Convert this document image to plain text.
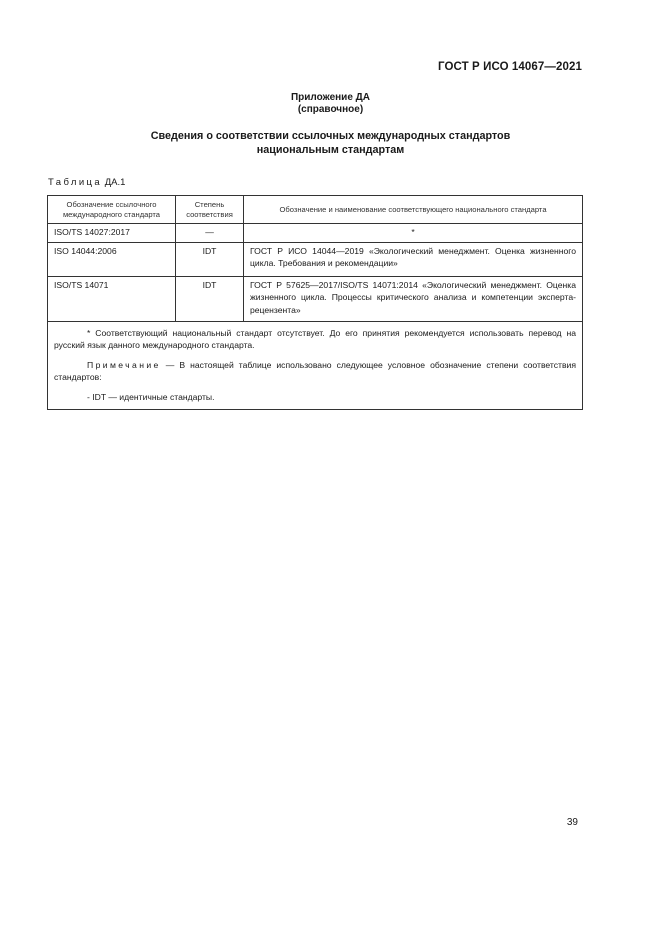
ГОСТ Р ИСО 14067—2021
Приложение ДА
(справочное)
Сведения о соответствии ссылочных международных стандартов
национальным стандартам
Таблица ДА.1
Обозначение ссылочного международного стандарта	Степень соответствия	Обозначение и наименование соответствующего национального стандарта
ISO/TS 14027:2017	—	*
ISO 14044:2006	IDT	ГОСТ Р ИСО 14044—2019 «Экологический менеджмент. Оценка жизненного цикла. Требования и рекомендации»
ISO/TS 14071	IDT	ГОСТ Р 57625—2017/ISO/TS 14071:2014 «Экологический менеджмент. Оценка жизненного цикла. Процессы критического анализа и компетенции эксперта-рецензента»

* Соответствующий национальный стандарт отсутствует. До его принятия рекомендуется использовать перевод на русский язык данного международного стандарта.

Примечание — В настоящей таблице использовано следующее условное обозначение степени соответствия стандартов:

- IDT — идентичные стандарты.		

39
